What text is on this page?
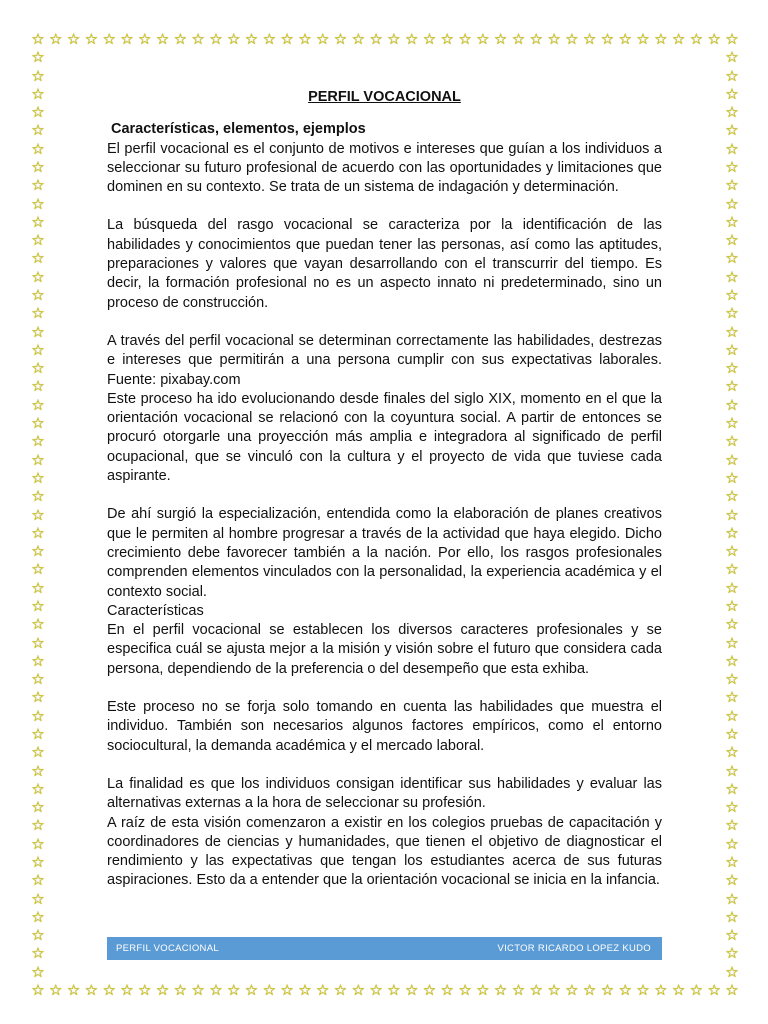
☆
☆
☆
☆
☆
☆
☆
☆
☆
☆
☆
☆
☆
☆
☆
☆
☆
☆
☆
☆
☆
☆
☆
☆
☆
☆
☆
☆
☆
☆
☆
☆
☆
☆
☆
☆
☆
☆
☆
☆
☆
☆
☆
☆
☆
☆
☆
☆
☆
☆
☆
☆
☆
☆
☆
☆
☆
☆
☆
☆
☆
☆
☆
☆
☆
☆
☆
☆
☆
☆
☆
☆
☆
☆
☆
☆
☆
☆
☆
☆
☆	☆
☆	☆
☆	☆
☆	☆
☆	☆
☆	☆
☆	☆
☆	☆
☆	☆
☆	☆
☆	☆
☆	☆
☆	☆
☆	☆
☆	☆
☆	☆
☆	☆
☆	☆
☆	☆
☆	☆
☆	☆
☆	☆
☆	☆
☆	☆
☆	☆
☆	☆
☆	☆
☆	☆
☆	☆
☆	☆
☆	☆
☆	☆
☆	☆
☆	☆
☆	☆
☆	☆
☆	☆
☆	☆
☆	☆
☆	☆
☆	☆
☆	☆
☆	☆
☆	☆
☆	☆
☆	☆
☆	☆
☆	☆
☆	☆
☆	☆
☆	☆

PERFIL VOCACIONAL

Características, elementos, ejemplos

El perfil vocacional es el conjunto de motivos e intereses que guían a los individuos a seleccionar su futuro profesional de acuerdo con las oportunidades y limitaciones que dominen en su contexto. Se trata de un sistema de indagación y determinación.

La búsqueda del rasgo vocacional se caracteriza por la identificación de las habilidades y conocimientos que puedan tener las personas, así como las aptitudes, preparaciones y valores que vayan desarrollando con el transcurrir del tiempo. Es decir, la formación profesional no es un aspecto innato ni predeterminado, sino un proceso de construcción.

A través del perfil vocacional se determinan correctamente las habilidades, destrezas e intereses que permitirán a una persona cumplir con sus expectativas laborales. Fuente: pixabay.com

Este proceso ha ido evolucionando desde finales del siglo XIX, momento en el que la orientación vocacional se relacionó con la coyuntura social. A partir de entonces se procuró otorgarle una proyección más amplia e integradora al significado de perfil ocupacional, que se vinculó con la cultura y el proyecto de vida que tuviese cada aspirante.

De ahí surgió la especialización, entendida como la elaboración de planes creativos que le permiten al hombre progresar a través de la actividad que haya elegido. Dicho crecimiento debe favorecer también a la nación. Por ello, los rasgos profesionales comprenden elementos vinculados con la personalidad, la experiencia académica y el contexto social.

Características

En el perfil vocacional se establecen los diversos caracteres profesionales y se especifica cuál se ajusta mejor a la misión y visión sobre el futuro que considera cada persona, dependiendo de la preferencia o del desempeño que esta exhiba.

Este proceso no se forja solo tomando en cuenta las habilidades que muestra el individuo. También son necesarios algunos factores empíricos, como el entorno sociocultural, la demanda académica y el mercado laboral.

La finalidad es que los individuos consigan identificar sus habilidades y evaluar las alternativas externas a la hora de seleccionar su profesión.

A raíz de esta visión comenzaron a existir en los colegios pruebas de capacitación y coordinadores de ciencias y humanidades, que tienen el objetivo de diagnosticar el rendimiento y las expectativas que tengan los estudiantes acerca de sus futuras aspiraciones. Esto da a entender que la orientación vocacional se inicia en la infancia.

PERFIL VOCACIONAL	VICTOR RICARDO LOPEZ KUDO
